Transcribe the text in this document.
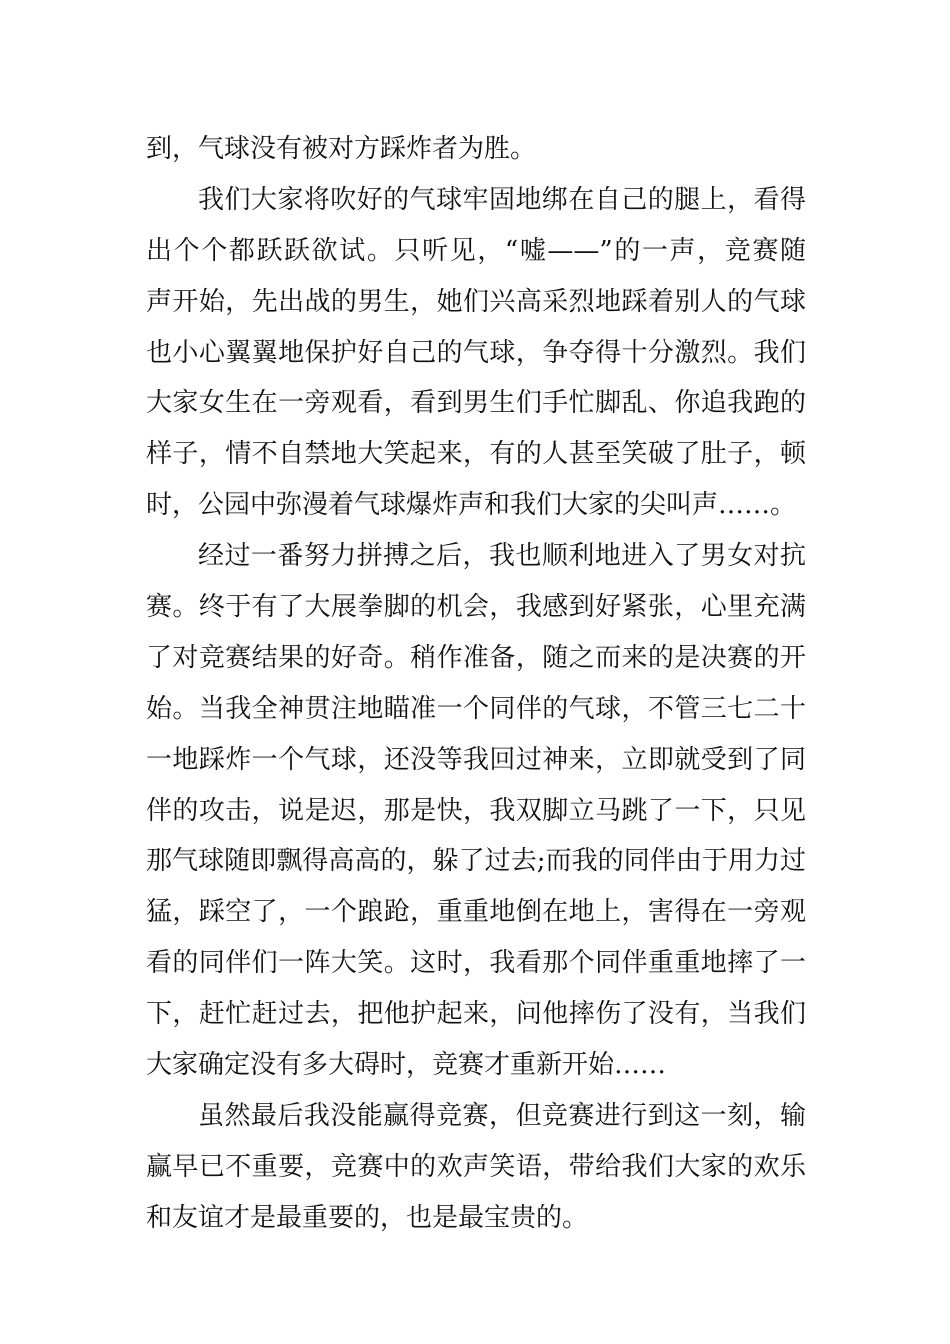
到，气球没有被对方踩炸者为胜。
我们大家将吹好的气球牢固地绑在自己的腿上，看得
出个个都跃跃欲试。只听见，“嘘——”的一声，竞赛随
声开始，先出战的男生，她们兴高采烈地踩着别人的气球
也小心翼翼地保护好自己的气球，争夺得十分激烈。我们
大家女生在一旁观看，看到男生们手忙脚乱、你追我跑的
样子，情不自禁地大笑起来，有的人甚至笑破了肚子，顿
时，公园中弥漫着气球爆炸声和我们大家的尖叫声……。
经过一番努力拼搏之后，我也顺利地进入了男女对抗
赛。终于有了大展拳脚的机会，我感到好紧张，心里充满
了对竞赛结果的好奇。稍作准备，随之而来的是决赛的开
始。当我全神贯注地瞄准一个同伴的气球，不管三七二十
一地踩炸一个气球，还没等我回过神来，立即就受到了同
伴的攻击，说是迟，那是快，我双脚立马跳了一下，只见
那气球随即飘得高高的，躲了过去;而我的同伴由于用力过
猛，踩空了，一个踉跄，重重地倒在地上，害得在一旁观
看的同伴们一阵大笑。这时，我看那个同伴重重地摔了一
下，赶忙赶过去，把他护起来，问他摔伤了没有，当我们
大家确定没有多大碍时，竞赛才重新开始……
虽然最后我没能赢得竞赛，但竞赛进行到这一刻，输
赢早已不重要，竞赛中的欢声笑语，带给我们大家的欢乐
和友谊才是最重要的，也是最宝贵的。
